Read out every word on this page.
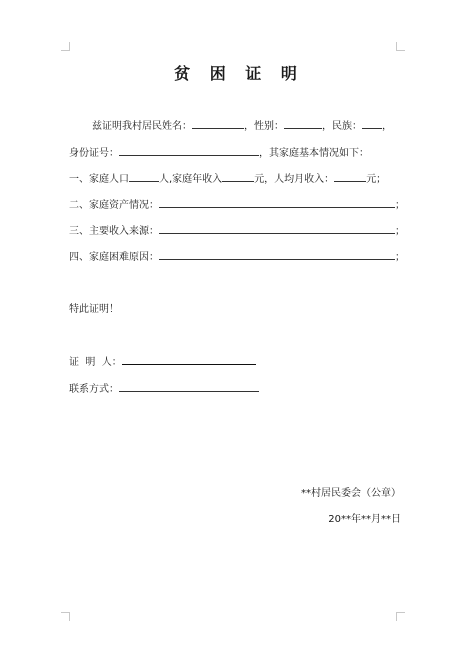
贫 困 证 明
兹证明我村居民姓名：	，性别：	，民族： ，
身份证号：	，其家庭基本情况如下：
一、家庭人口	人,家庭年收入	元，人均月收入：	元；
二、家庭资产情况：	；
三、主要收入来源：	；
四、家庭困难原因：	；
特此证明！
证  明  人：
联系方式：
**村居民委会（公章）
20**年**月**日
